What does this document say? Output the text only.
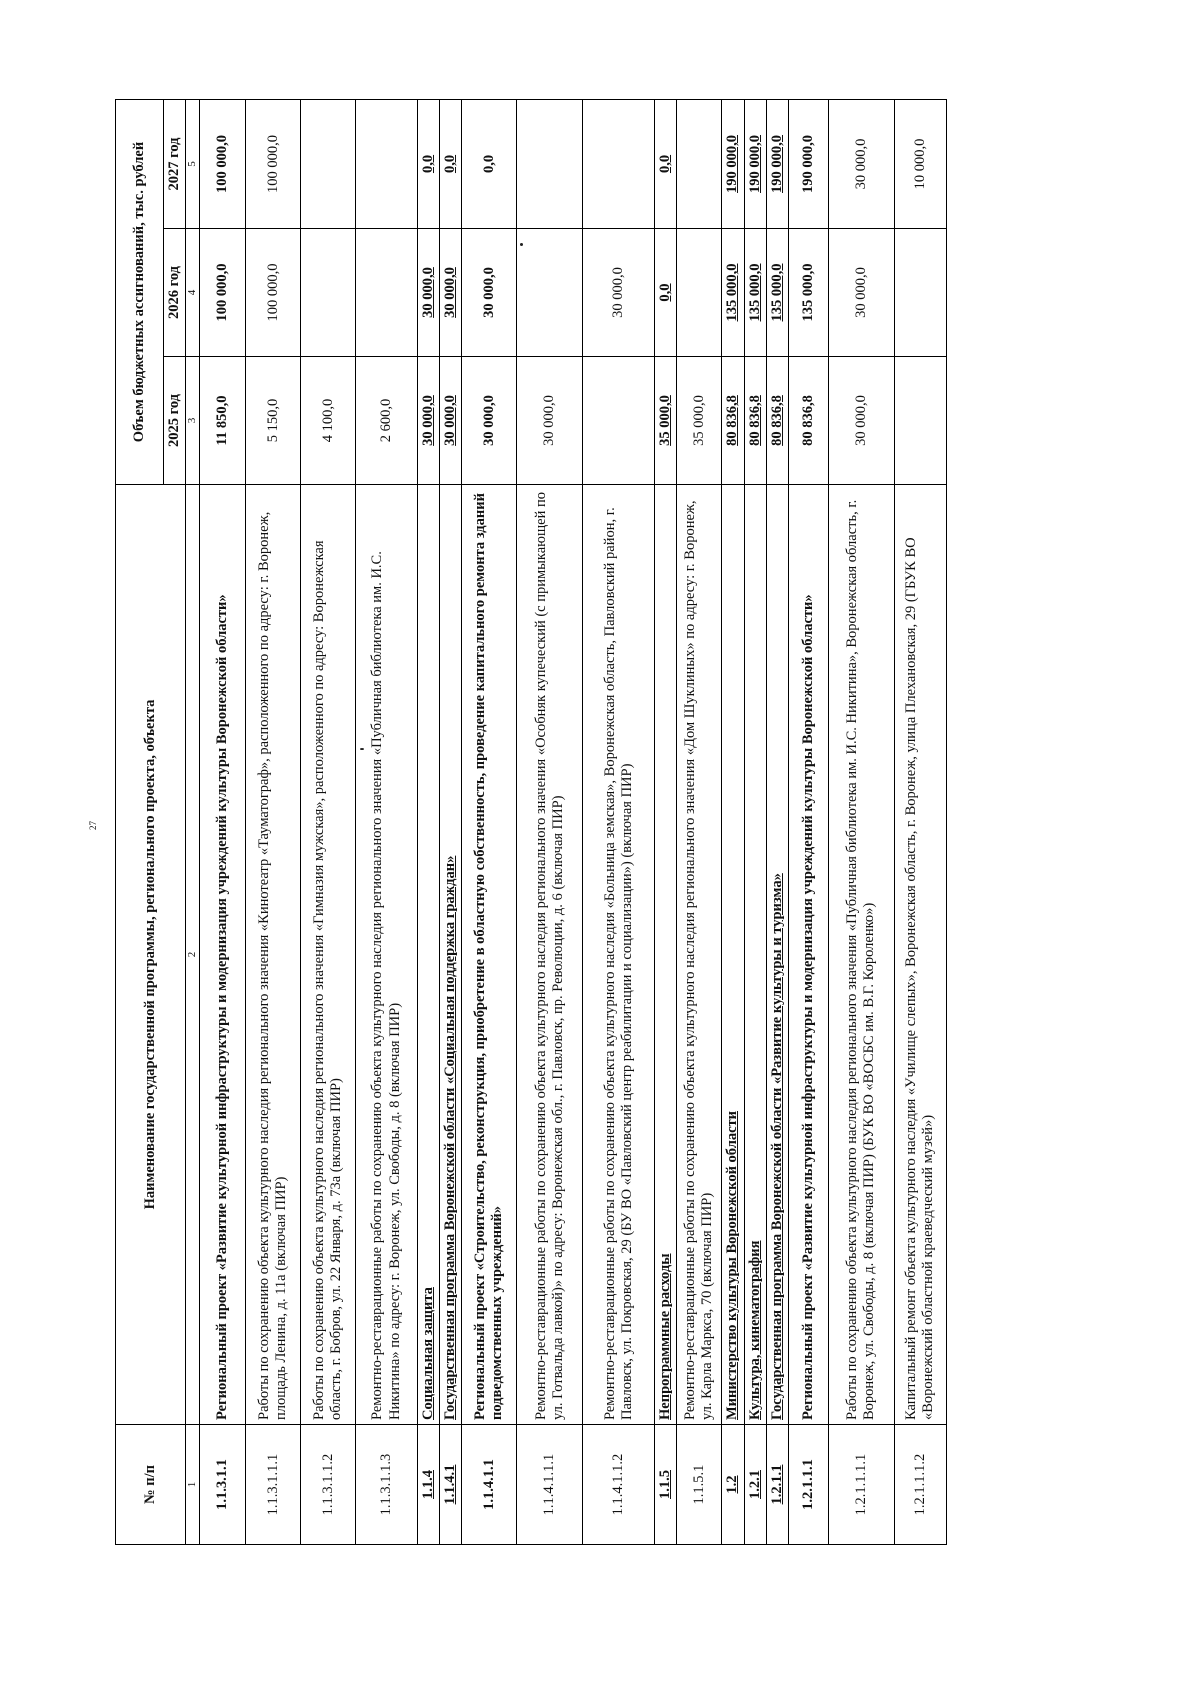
27
№ п/п	Наименование государственной программы, регионального проекта, объекта	Объем бюджетных ассигнований, тыс. рублей		
		2025 год	2026 год	2027 год
1	2	3	4	5
1.1.3.1.1	Региональный проект «Развитие культурной инфраструктуры и модернизация учреждений культуры Воронежской области»	11 850,0	100 000,0	100 000,0
1.1.3.1.1.1	Работы по сохранению объекта культурного наследия регионального значения «Кинотеатр «Тауматограф», расположенного по адресу: г. Воронеж, площадь Ленина, д. 11а (включая ПИР)	5 150,0	100 000,0	100 000,0
1.1.3.1.1.2	Работы по сохранению объекта культурного наследия регионального значения «Гимназия мужская», расположенного по адресу: Воронежская область, г. Бобров, ул. 22 Января, д. 73а (включая ПИР)	4 100,0		
1.1.3.1.1.3	Ремонтно-реставрационные работы по сохранению объекта культурного наследия регионального значения «Публичная библиотека им. И.С. Никитина» по адресу: г. Воронеж, ул. Свободы, д. 8 (включая ПИР)	2 600,0		
1.1.4	Социальная защита	30 000,0	30 000,0	0,0
1.1.4.1	Государственная программа Воронежской области «Социальная поддержка граждан»	30 000,0	30 000,0	0,0
1.1.4.1.1	Региональный проект «Строительство, реконструкция, приобретение в областную собственность, проведение капитального ремонта зданий подведомственных учреждений»	30 000,0	30 000,0	0,0
1.1.4.1.1.1	Ремонтно-реставрационные работы по сохранению объекта культурного наследия регионального значения «Особняк купеческий (с примыкающей по ул. Готвальда лавкой)» по адресу: Воронежская обл., г. Павловск, пр. Революции, д. 6 (включая ПИР)	30 000,0		
1.1.4.1.1.2	Ремонтно-реставрационные работы по сохранению объекта культурного наследия «Больница земская», Воронежская область, Павловский район, г. Павловск, ул. Покровская, 29 (БУ ВО «Павловский центр реабилитации и социализации») (включая ПИР)		30 000,0	
1.1.5	Непрограммные расходы	35 000,0	0,0	0,0
1.1.5.1	Ремонтно-реставрационные работы по сохранению объекта культурного наследия регионального значения «Дом Шуклиных» по адресу: г. Воронеж, ул. Карла Маркса, 70 (включая ПИР)	35 000,0		
1.2	Министерство культуры Воронежской области	80 836,8	135 000,0	190 000,0
1.2.1	Культура, кинематография	80 836,8	135 000,0	190 000,0
1.2.1.1	Государственная программа Воронежской области «Развитие культуры и туризма»	80 836,8	135 000,0	190 000,0
1.2.1.1.1	Региональный проект «Развитие культурной инфраструктуры и модернизация учреждений культуры Воронежской области»	80 836,8	135 000,0	190 000,0
1.2.1.1.1.1	Работы по сохранению объекта культурного наследия регионального значения «Публичная библиотека им. И.С. Никитина», Воронежская область, г. Воронеж, ул. Свободы, д. 8 (включая ПИР) (БУК ВО «ВОСБС им. В.Г. Короленко»)	30 000,0	30 000,0	30 000,0
1.2.1.1.1.2	Капитальный ремонт объекта культурного наследия «Училище слепых», Воронежская область, г. Воронеж, улица Плехановская, 29 (ГБУК ВО «Воронежский областной краеведческий музей»)			10 000,0
